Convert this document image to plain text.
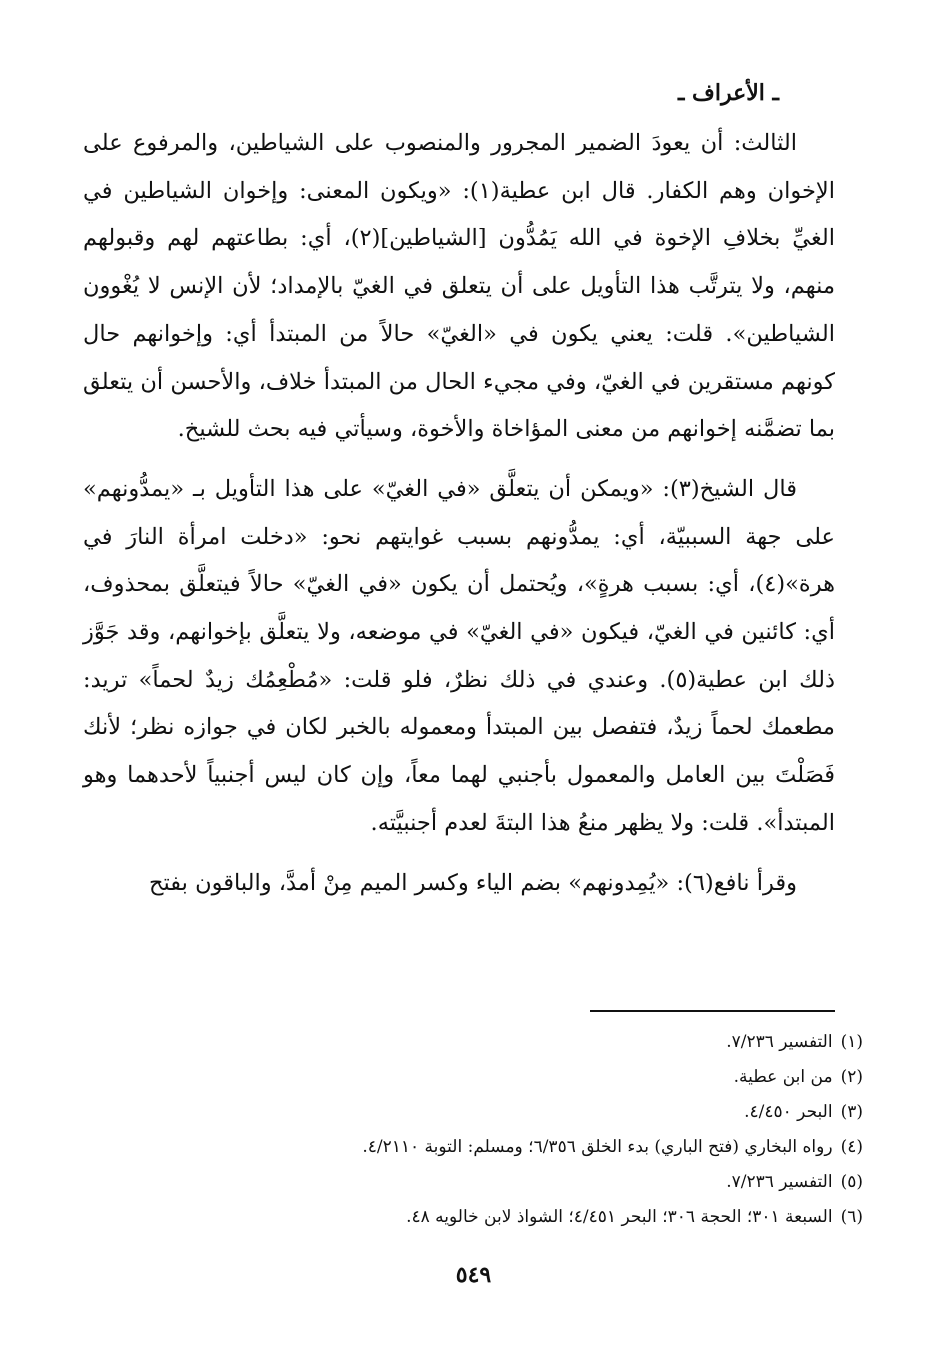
ـ الأعراف ـ

الثالث: أن يعودَ الضمير المجرور والمنصوب على الشياطين، والمرفوع على الإخوان وهم الكفار. قال ابن عطية(١): «ويكون المعنى: وإخوان الشياطين في الغيِّ بخلافِ الإخوة في الله يَمُدُّون [الشياطين](٢)، أي: بطاعتهم لهم وقبولهم منهم، ولا يترتَّب هذا التأويل على أن يتعلق في الغيّ بالإمداد؛ لأن الإنس لا يُغْوون الشياطين». قلت: يعني يكون في «الغيّ» حالاً من المبتدأ أي: وإخوانهم حال كونهم مستقرين في الغيّ، وفي مجيء الحال من المبتدأ خلاف، والأحسن أن يتعلق بما تضمَّنه إخوانهم من معنى المؤاخاة والأخوة، وسيأتي فيه بحث للشيخ.

قال الشيخ(٣): «ويمكن أن يتعلَّق «في الغيّ» على هذا التأويل بـ «يمدُّونهم» على جهة السببيّة، أي: يمدُّونهم بسبب غوايتهم نحو: «دخلت امرأة النارَ في هرة»(٤)، أي: بسبب هرةٍ»، ويُحتمل أن يكون «في الغيّ» حالاً فيتعلَّق بمحذوف، أي: كائنين في الغيّ، فيكون «في الغيّ» في موضعه، ولا يتعلَّق بإخوانهم، وقد جَوَّز ذلك ابن عطية(٥). وعندي في ذلك نظرٌ، فلو قلت: «مُطْعِمُك زيدٌ لحماً» تريد: مطعمك لحماً زيدٌ، فتفصل بين المبتدأ ومعموله بالخبر لكان في جوازه نظر؛ لأنك فَصَلْتَ بين العامل والمعمول بأجنبي لهما معاً، وإن كان ليس أجنبياً لأحدهما وهو المبتدأ». قلت: ولا يظهر منعُ هذا البتةَ لعدم أجنبيَّته.

وقرأ نافع(٦): «يُمِدونهم» بضم الياء وكسر الميم مِنْ أمدَّ، والباقون بفتح

(١)التفسير ٧/٢٣٦.
(٢)من ابن عطية.
(٣)البحر ٤/٤٥٠.
(٤)رواه البخاري (فتح الباري) بدء الخلق ٦/٣٥٦؛ ومسلم: التوبة ٤/٢١١٠.
(٥)التفسير ٧/٢٣٦.
(٦)السبعة ٣٠١؛ الحجة ٣٠٦؛ البحر ٤/٤٥١؛ الشواذ لابن خالويه ٤٨.
٥٤٩
